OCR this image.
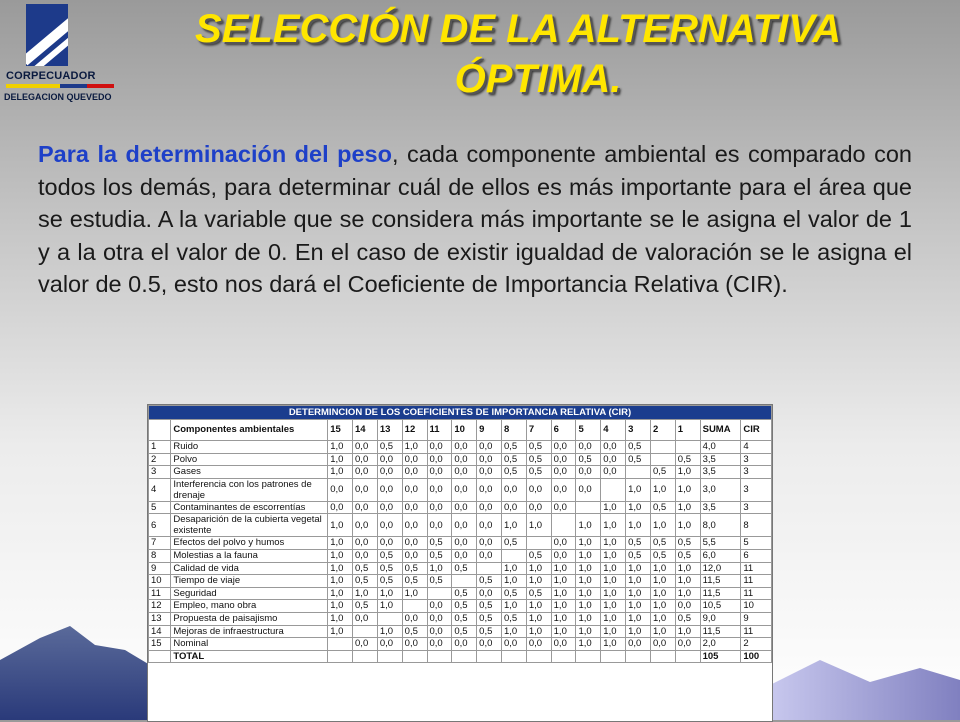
CORPECUADOR
DELEGACION QUEVEDO
SELECCIÓN DE LA ALTERNATIVA
ÓPTIMA.
Para la determinación del peso, cada componente ambiental es comparado con todos los demás, para determinar cuál de ellos es más importante para el área que se estudia. A la variable que se considera más importante se le asigna el valor de 1 y a la otra el valor de 0. En el caso de existir igualdad de valoración se le asigna el valor de 0.5, esto nos dará el Coeficiente de Importancia Relativa (CIR).
DETERMINCION DE LOS COEFICIENTES DE IMPORTANCIA RELATIVA (CIR)																		
	Componentes ambientales	15	14	13	12	11	10	9	8	7	6	5	4	3	2	1	SUMA	CIR
1	Ruido	1,0	0,0	0,5	1,0	0,0	0,0	0,0	0,5	0,5	0,0	0,0	0,0	0,5			4,0	4
2	Polvo	1,0	0,0	0,0	0,0	0,0	0,0	0,0	0,5	0,5	0,0	0,5	0,0	0,5		0,5	3,5	3
3	Gases	1,0	0,0	0,0	0,0	0,0	0,0	0,0	0,5	0,5	0,0	0,0	0,0		0,5	1,0	3,5	3
4	Interferencia con los patrones de drenaje	0,0	0,0	0,0	0,0	0,0	0,0	0,0	0,0	0,0	0,0	0,0		1,0	1,0	1,0	3,0	3
5	Contaminantes de escorrentías	0,0	0,0	0,0	0,0	0,0	0,0	0,0	0,0	0,0	0,0		1,0	1,0	0,5	1,0	3,5	3
6	Desaparición de la cubierta vegetal existente	1,0	0,0	0,0	0,0	0,0	0,0	0,0	1,0	1,0		1,0	1,0	1,0	1,0	1,0	8,0	8
7	Efectos del polvo y humos	1,0	0,0	0,0	0,0	0,5	0,0	0,0	0,5		0,0	1,0	1,0	0,5	0,5	0,5	5,5	5
8	Molestias a la fauna	1,0	0,0	0,5	0,0	0,5	0,0	0,0		0,5	0,0	1,0	1,0	0,5	0,5	0,5	6,0	6
9	Calidad de vida	1,0	0,5	0,5	0,5	1,0	0,5		1,0	1,0	1,0	1,0	1,0	1,0	1,0	1,0	12,0	11
10	Tiempo de viaje	1,0	0,5	0,5	0,5	0,5		0,5	1,0	1,0	1,0	1,0	1,0	1,0	1,0	1,0	11,5	11
11	Seguridad	1,0	1,0	1,0	1,0		0,5	0,0	0,5	0,5	1,0	1,0	1,0	1,0	1,0	1,0	11,5	11
12	Empleo, mano obra	1,0	0,5	1,0		0,0	0,5	0,5	1,0	1,0	1,0	1,0	1,0	1,0	1,0	0,0	10,5	10
13	Propuesta de paisajismo	1,0	0,0		0,0	0,0	0,5	0,5	0,5	1,0	1,0	1,0	1,0	1,0	1,0	0,5	9,0	9
14	Mejoras de infraestructura	1,0		1,0	0,5	0,0	0,5	0,5	1,0	1,0	1,0	1,0	1,0	1,0	1,0	1,0	11,5	11
15	Nominal		0,0	0,0	0,0	0,0	0,0	0,0	0,0	0,0	0,0	1,0	1,0	0,0	0,0	0,0	2,0	2
	TOTAL																105	100
